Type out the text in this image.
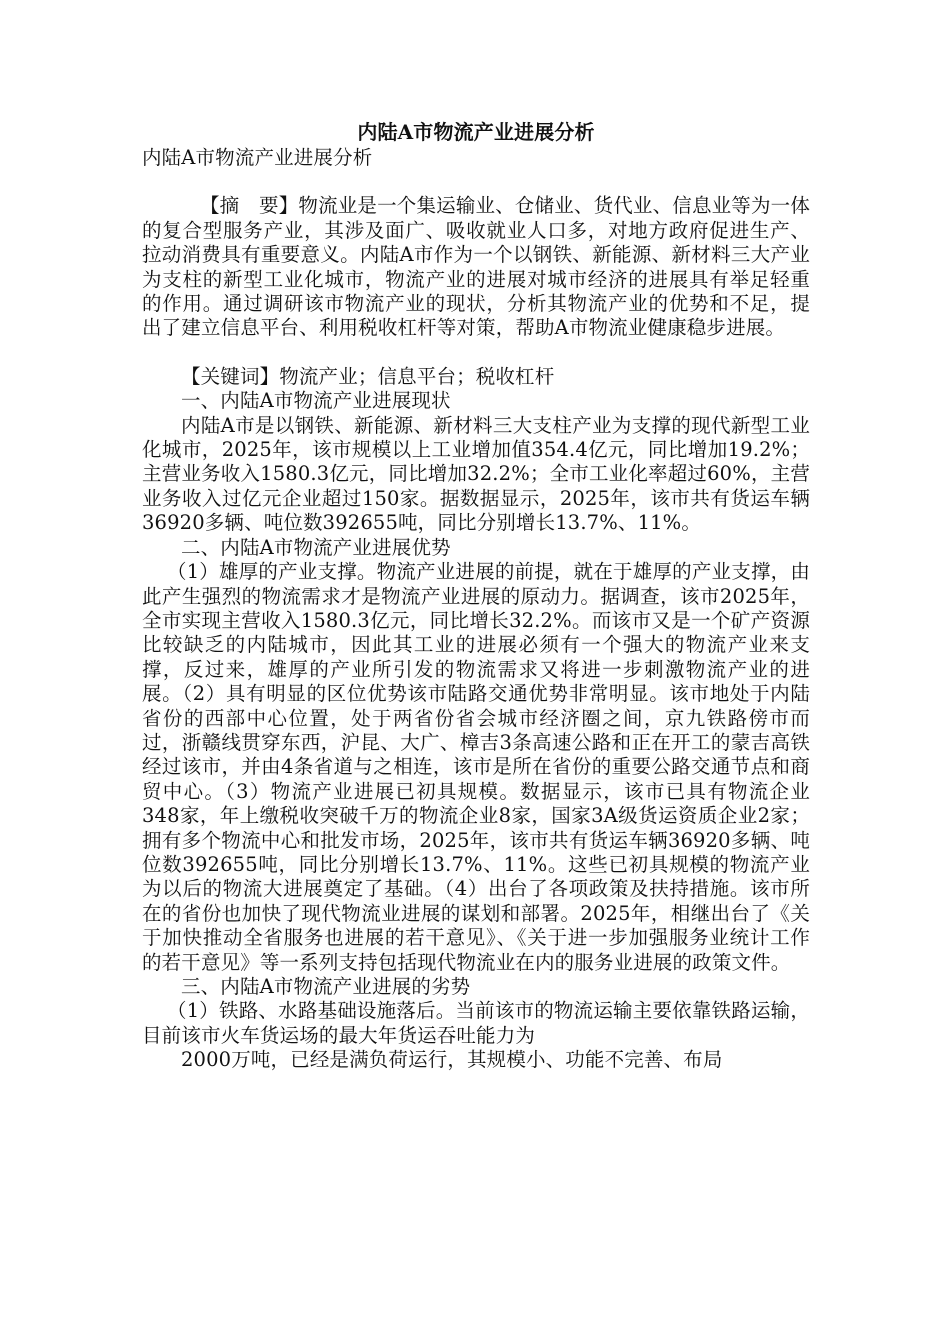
内陆A市物流产业进展分析

内陆A市物流产业进展分析

【摘　要】物流业是一个集运输业、仓储业、货代业、信息业等为一体的复合型服务产业，其涉及面广、吸收就业人口多，对地方政府促进生产、拉动消费具有重要意义。内陆A市作为一个以钢铁、新能源、新材料三大产业为支柱的新型工业化城市，物流产业的进展对城市经济的进展具有举足轻重的作用。通过调研该市物流产业的现状，分析其物流产业的优势和不足，提出了建立信息平台、利用税收杠杆等对策，帮助A市物流业健康稳步进展。

【关键词】物流产业；信息平台；税收杠杆

一、内陆A市物流产业进展现状

内陆A市是以钢铁、新能源、新材料三大支柱产业为支撑的现代新型工业化城市，2025年，该市规模以上工业增加值354.4亿元，同比增加19.2%；主营业务收入1580.3亿元，同比增加32.2%；全市工业化率超过60%，主营业务收入过亿元企业超过150家。据数据显示，2025年，该市共有货运车辆36920多辆、吨位数392655吨，同比分别增长13.7%、11%。

二、内陆A市物流产业进展优势

（1）雄厚的产业支撑。物流产业进展的前提，就在于雄厚的产业支撑，由此产生强烈的物流需求才是物流产业进展的原动力。据调查，该市2025年，全市实现主营收入1580.3亿元，同比增长32.2%。而该市又是一个矿产资源比较缺乏的内陆城市，因此其工业的进展必须有一个强大的物流产业来支撑，反过来，雄厚的产业所引发的物流需求又将进一步刺激物流产业的进展。（2）具有明显的区位优势该市陆路交通优势非常明显。该市地处于内陆省份的西部中心位置，处于两省份省会城市经济圈之间，京九铁路傍市而过，浙赣线贯穿东西，沪昆、大广、樟吉3条高速公路和正在开工的蒙吉高铁经过该市，并由4条省道与之相连，该市是所在省份的重要公路交通节点和商贸中心。（3）物流产业进展已初具规模。数据显示，该市已具有物流企业348家，年上缴税收突破千万的物流企业8家，国家3A级货运资质企业2家；拥有多个物流中心和批发市场，2025年，该市共有货运车辆36920多辆、吨位数392655吨，同比分别增长13.7%、11%。这些已初具规模的物流产业为以后的物流大进展奠定了基础。（4）出台了各项政策及扶持措施。该市所在的省份也加快了现代物流业进展的谋划和部署。2025年，相继出台了《关于加快推动全省服务也进展的若干意见》、《关于进一步加强服务业统计工作的若干意见》等一系列支持包括现代物流业在内的服务业进展的政策文件。

三、内陆A市物流产业进展的劣势

（1）铁路、水路基础设施落后。当前该市的物流运输主要依靠铁路运输，目前该市火车货运场的最大年货运吞吐能力为

2000万吨，已经是满负荷运行，其规模小、功能不完善、布局
